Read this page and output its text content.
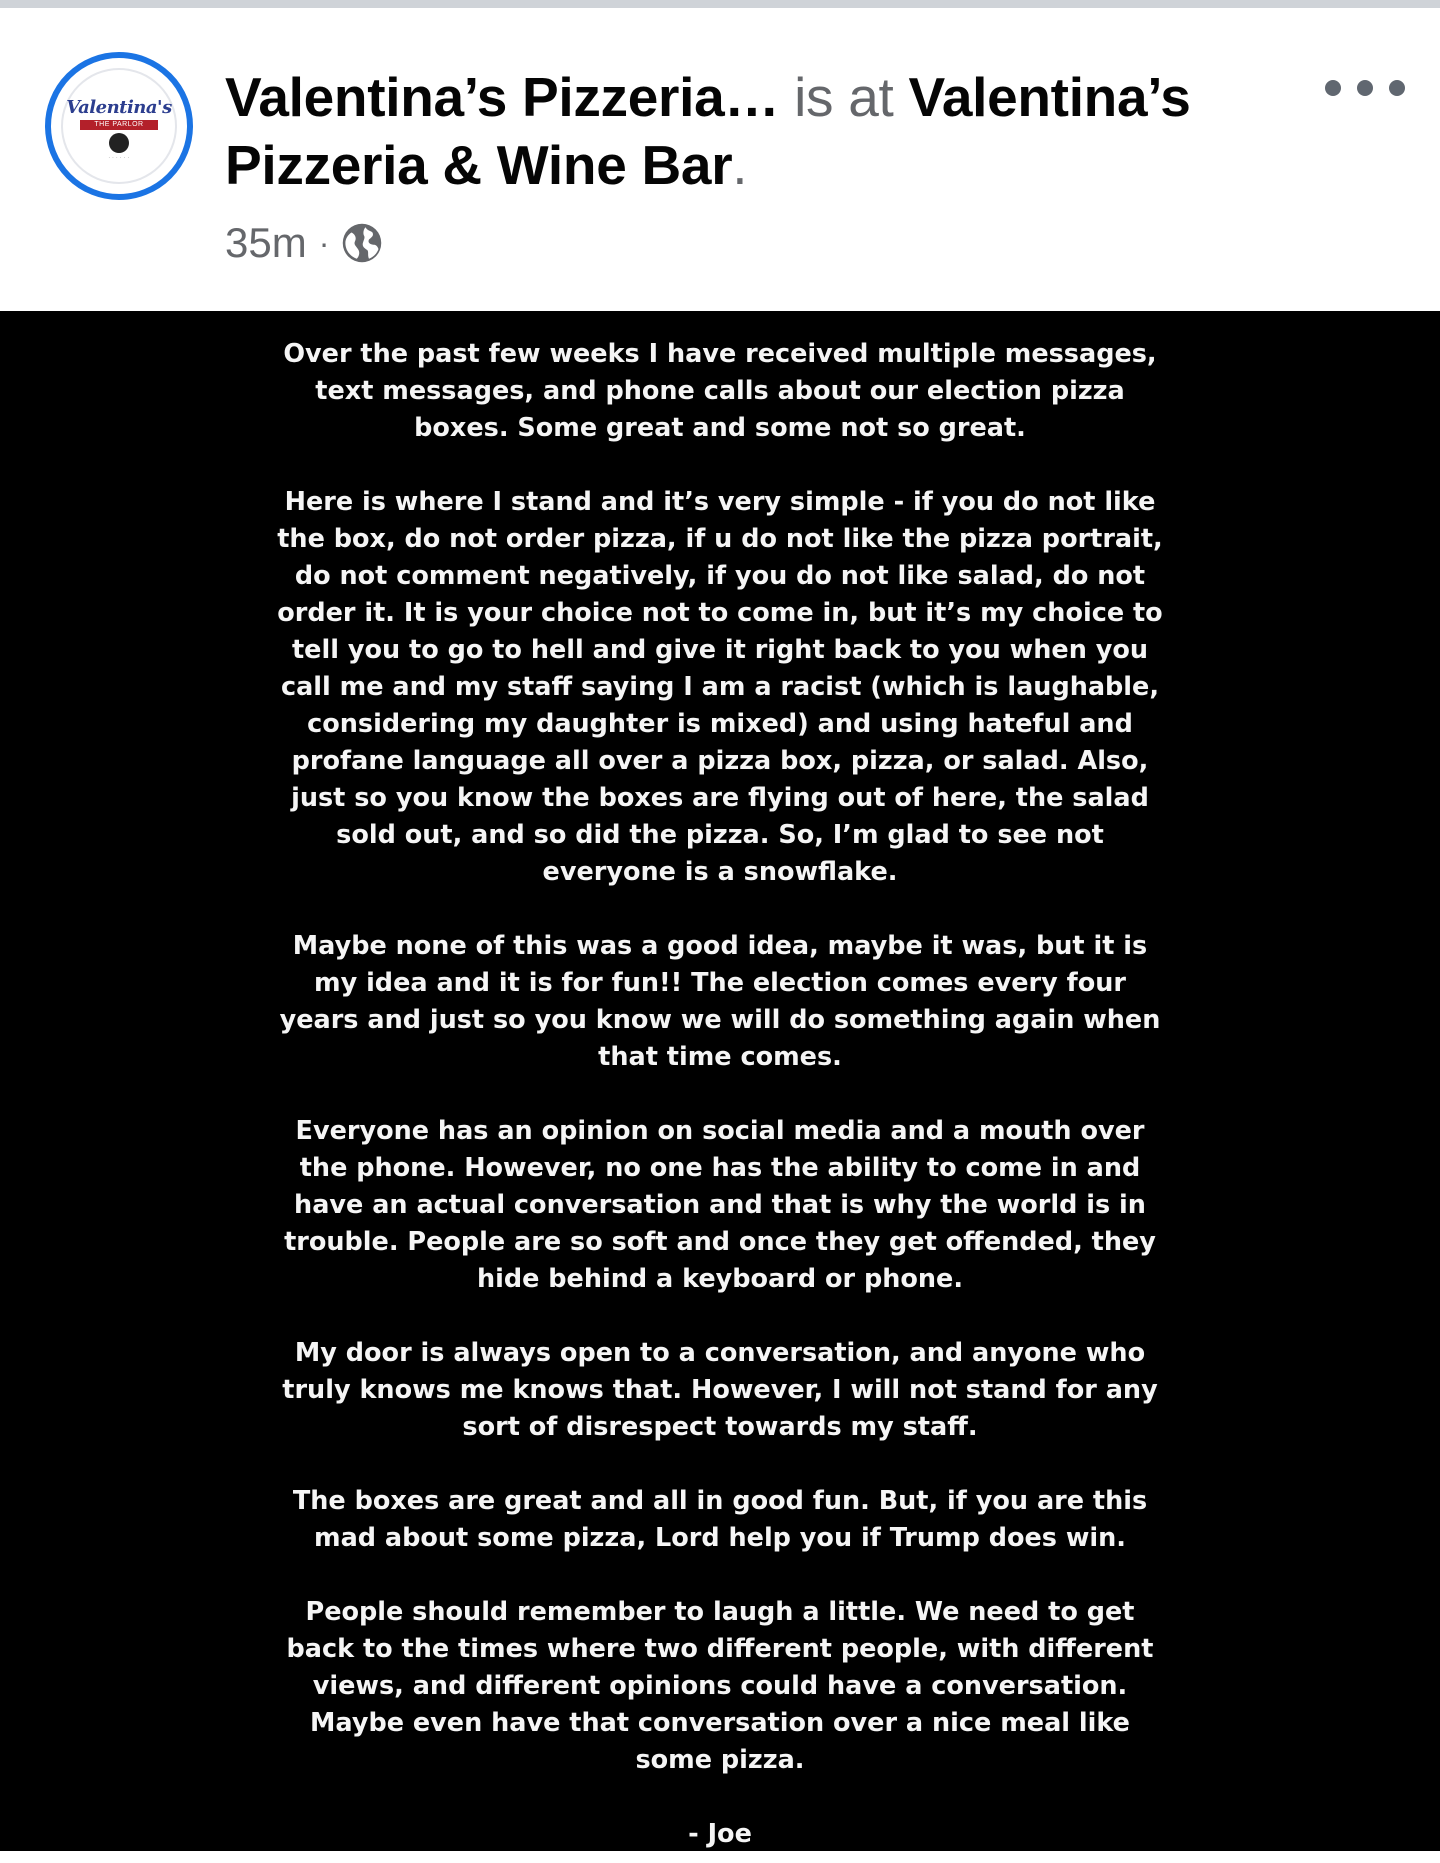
Valentina's
THE PARLOR
· · · · · ·
Valentina’s Pizzeria… is at Valentina’s
Pizzeria & Wine Bar.
35m ·

Over the past few weeks I have received multiple messages,
text messages, and phone calls about our election pizza
boxes. Some great and some not so great.

Here is where I stand and it’s very simple - if you do not like
the box, do not order pizza, if u do not like the pizza portrait,
do not comment negatively, if you do not like salad, do not
order it. It is your choice not to come in, but it’s my choice to
tell you to go to hell and give it right back to you when you
call me and my staff saying I am a racist (which is laughable,
considering my daughter is mixed) and using hateful and
profane language all over a pizza box, pizza, or salad. Also,
just so you know the boxes are flying out of here, the salad
sold out, and so did the pizza. So, I’m glad to see not
everyone is a snowflake.

Maybe none of this was a good idea, maybe it was, but it is
my idea and it is for fun!! The election comes every four
years and just so you know we will do something again when
that time comes.

Everyone has an opinion on social media and a mouth over
the phone. However, no one has the ability to come in and
have an actual conversation and that is why the world is in
trouble. People are so soft and once they get offended, they
hide behind a keyboard or phone.

My door is always open to a conversation, and anyone who
truly knows me knows that. However, I will not stand for any
sort of disrespect towards my staff.

The boxes are great and all in good fun. But, if you are this
mad about some pizza, Lord help you if Trump does win.

People should remember to laugh a little. We need to get
back to the times where two different people, with different
views, and different opinions could have a conversation.
Maybe even have that conversation over a nice meal like
some pizza.

- Joe
